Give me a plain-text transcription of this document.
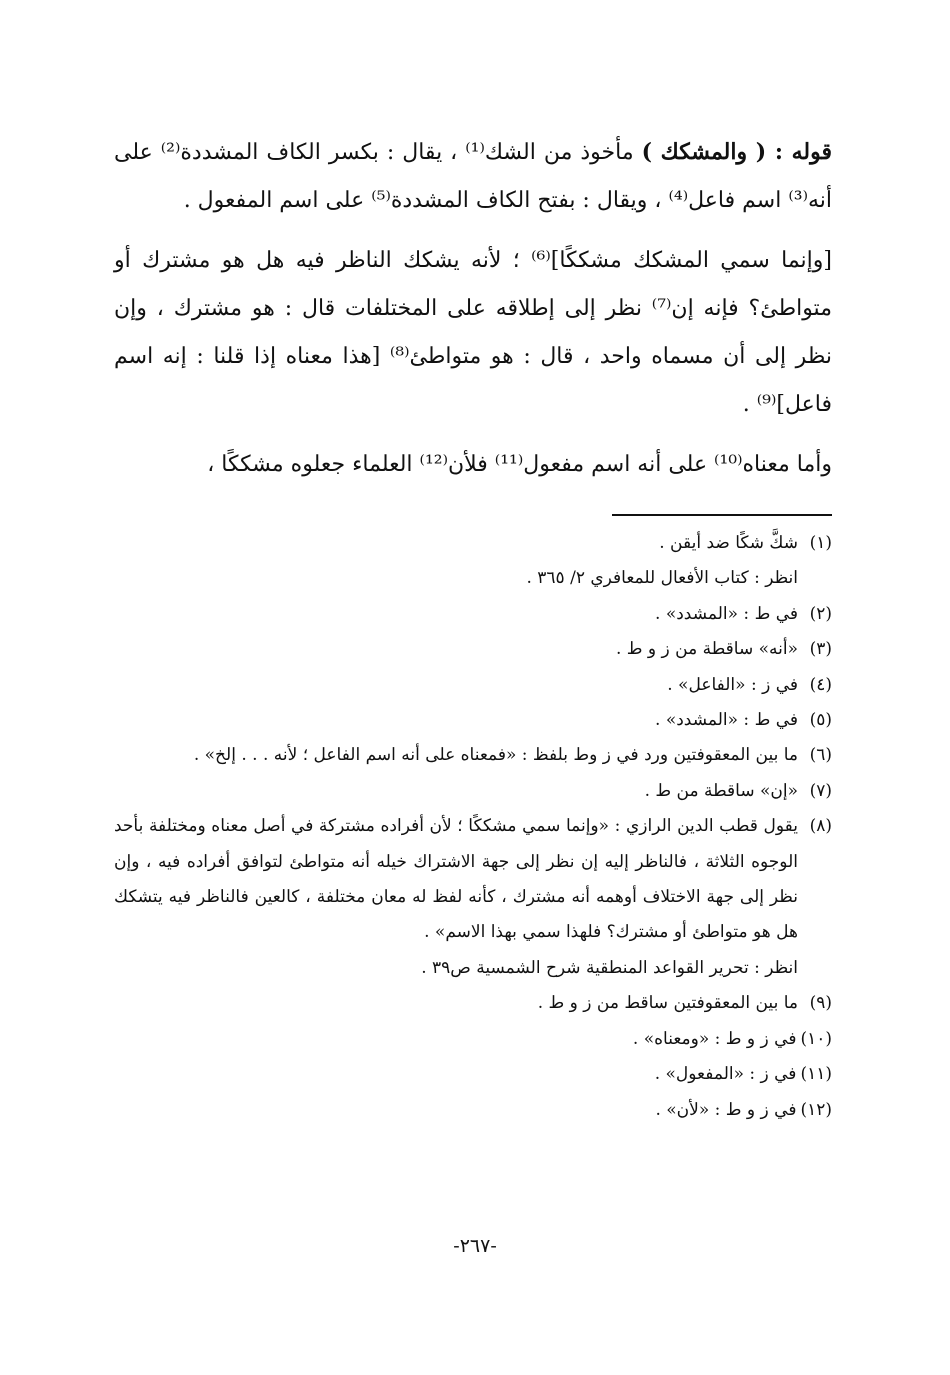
قوله : ( والمشكك ) مأخوذ من الشك⁽¹⁾ ، يقال : بكسر الكاف المشددة⁽²⁾ على أنه⁽³⁾ اسم فاعل⁽⁴⁾ ، ويقال : بفتح الكاف المشددة⁽⁵⁾ على اسم المفعول .

[وإنما سمي المشكك مشككًا]⁽⁶⁾ ؛ لأنه يشكك الناظر فيه هل هو مشترك أو متواطئ؟ فإنه إن⁽⁷⁾ نظر إلى إطلاقه على المختلفات قال : هو مشترك ، وإن نظر إلى أن مسماه واحد ، قال : هو متواطئ⁽⁸⁾ [هذا معناه إذا قلنا : إنه اسم فاعل]⁽⁹⁾ .

وأما معناه⁽¹⁰⁾ على أنه اسم مفعول⁽¹¹⁾ فلأن⁽¹²⁾ العلماء جعلوه مشككًا ،

(١)
شكَّ شكًا ضد أيقن .
انظر : كتاب الأفعال للمعافري ٢/ ٣٦٥ .
(٢)
في ط : «المشدد» .
(٣)
«أنه» ساقطة من ز و ط .
(٤)
في ز : «الفاعل» .
(٥)
في ط : «المشدد» .
(٦)
ما بين المعقوفتين ورد في ز وط بلفظ : «فمعناه على أنه اسم الفاعل ؛ لأنه . . . إلخ» .
(٧)
«إن» ساقطة من ط .
(٨)
يقول قطب الدين الرازي : «وإنما سمي مشككًا ؛ لأن أفراده مشتركة في أصل معناه ومختلفة بأحد الوجوه الثلاثة ، فالناظر إليه إن نظر إلى جهة الاشتراك خيله أنه متواطئ لتوافق أفراده فيه ، وإن نظر إلى جهة الاختلاف أوهمه أنه مشترك ، كأنه لفظ له معان مختلفة ، كالعين فالناظر فيه يتشكك هل هو متواطئ أو مشترك؟ فلهذا سمي بهذا الاسم» .
انظر : تحرير القواعد المنطقية شرح الشمسية ص٣٩ .
(٩)
ما بين المعقوفتين ساقط من ز و ط .
(١٠)
في ز و ط : «ومعناه» .
(١١)
في ز : «المفعول» .
(١٢)
في ز و ط : «لأن» .
-٢٦٧-
